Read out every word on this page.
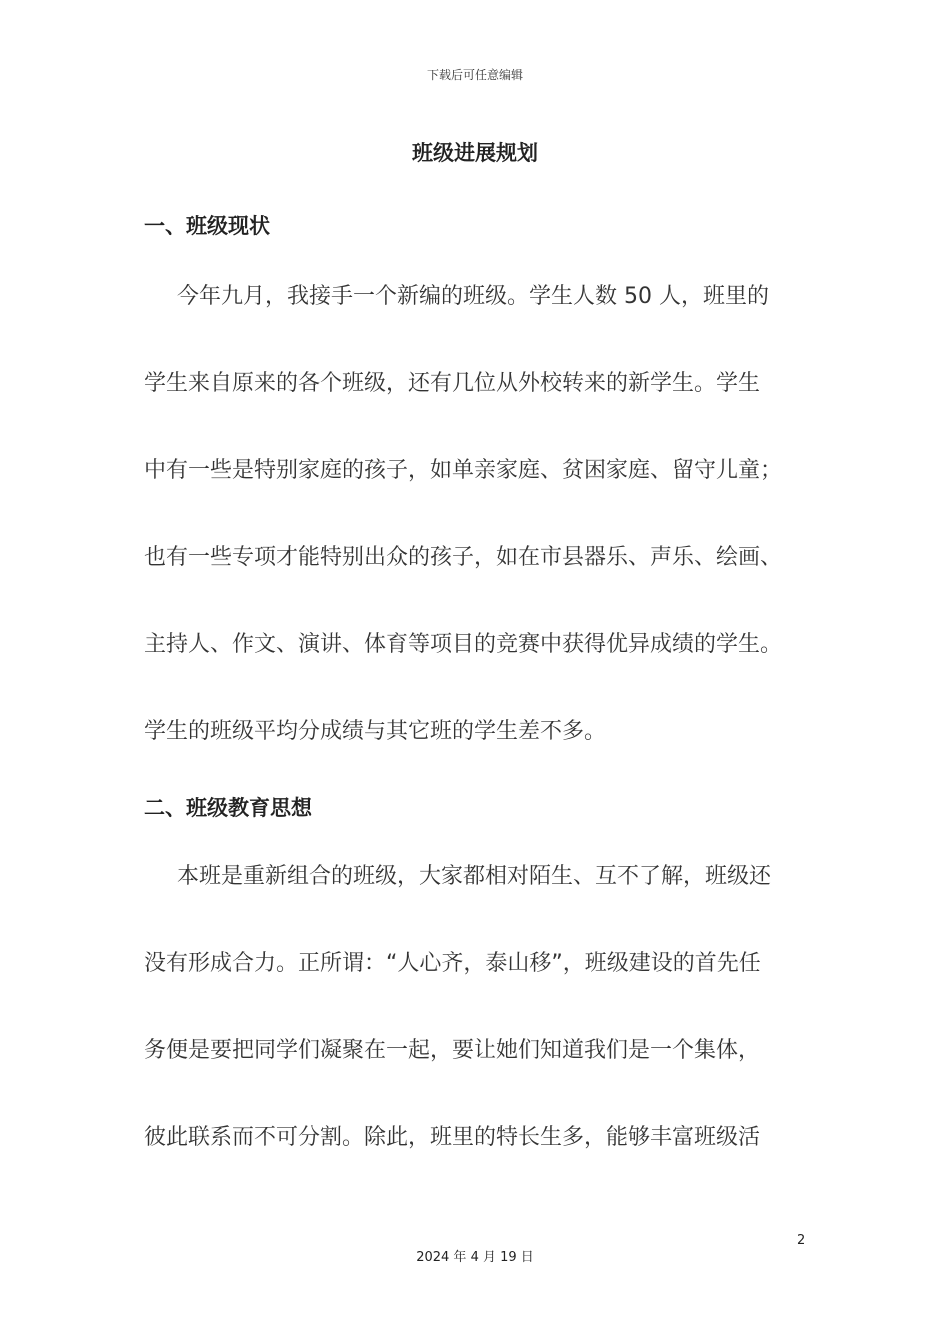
下载后可任意编辑
班级进展规划
一、班级现状
今年九月，我接手一个新编的班级。学生人数 50 人，班里的
学生来自原来的各个班级，还有几位从外校转来的新学生。学生
中有一些是特别家庭的孩子，如单亲家庭、贫困家庭、留守儿童；
也有一些专项才能特别出众的孩子，如在市县器乐、声乐、绘画、
主持人、作文、演讲、体育等项目的竞赛中获得优异成绩的学生。
学生的班级平均分成绩与其它班的学生差不多。
二、班级教育思想
本班是重新组合的班级，大家都相对陌生、互不了解，班级还
没有形成合力。正所谓：“人心齐，泰山移”，班级建设的首先任
务便是要把同学们凝聚在一起，要让她们知道我们是一个集体，
彼此联系而不可分割。除此，班里的特长生多，能够丰富班级活
2
2024 年 4 月 19 日
